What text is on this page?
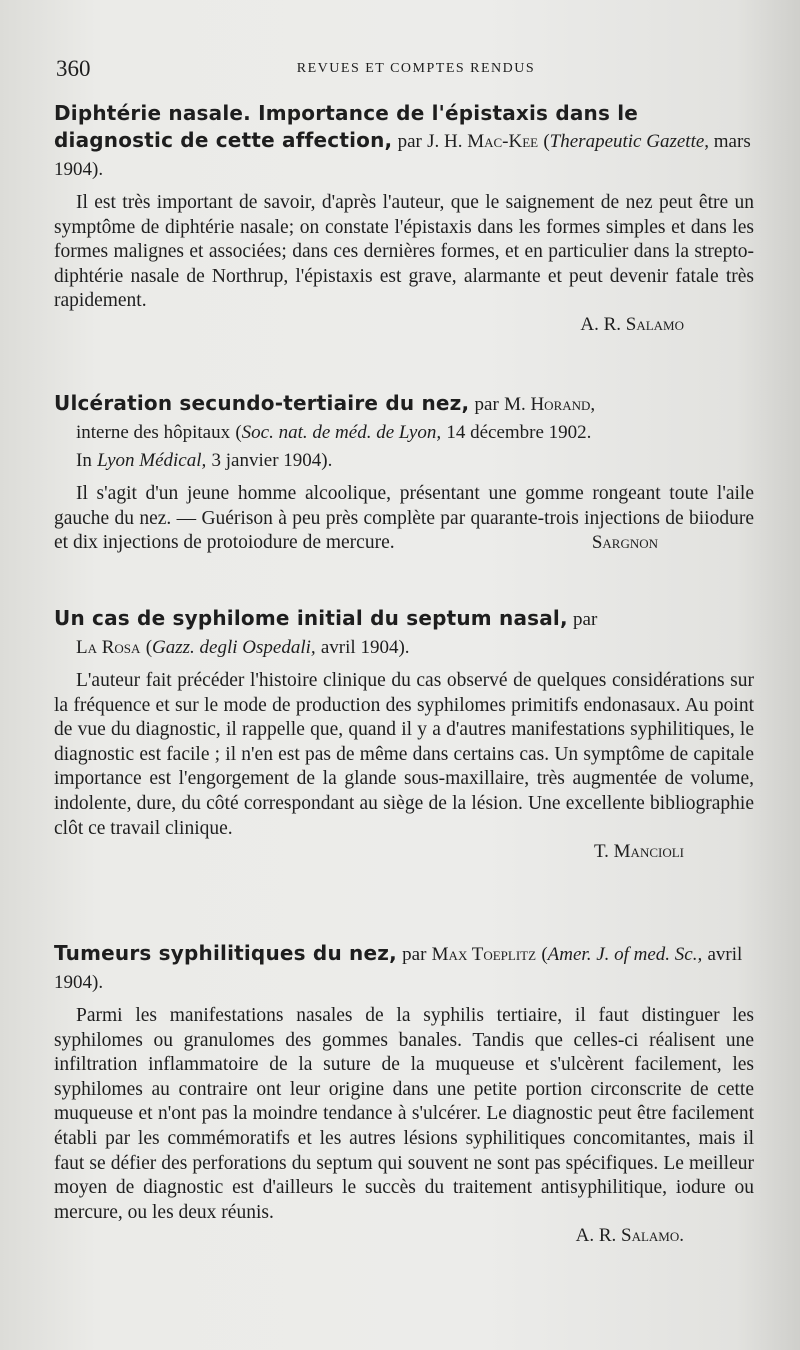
360	REVUES ET COMPTES RENDUS

Diphtérie nasale. Importance de l'épistaxis dans le diagnostic de cette affection, par J. H. Mac-Kee (Therapeutic Gazette, mars 1904).

Il est très important de savoir, d'après l'auteur, que le saignement de nez peut être un symptôme de diphtérie nasale; on constate l'épistaxis dans les formes simples et dans les formes malignes et associées; dans ces dernières formes, et en particulier dans la strepto-diphtérie nasale de Northrup, l'épistaxis est grave, alarmante et peut devenir fatale très rapidement.

A. R. Salamo

Ulcération secundo-tertiaire du nez, par M. Horand,

interne des hôpitaux (Soc. nat. de méd. de Lyon, 14 décembre 1902.

In Lyon Médical, 3 janvier 1904).

Il s'agit d'un jeune homme alcoolique, présentant une gomme rongeant toute l'aile gauche du nez. — Guérison à peu près complète par quarante-trois injections de biiodure et dix injections de protoiodure de mercure.	Sargnon

Un cas de syphilome initial du septum nasal, par

La Rosa (Gazz. degli Ospedali, avril 1904).

L'auteur fait précéder l'histoire clinique du cas observé de quelques considérations sur la fréquence et sur le mode de production des syphilomes primitifs endonasaux. Au point de vue du diagnostic, il rappelle que, quand il y a d'autres manifestations syphilitiques, le diagnostic est facile ; il n'en est pas de même dans certains cas. Un symptôme de capitale importance est l'engorgement de la glande sous-maxillaire, très augmentée de volume, indolente, dure, du côté correspondant au siège de la lésion. Une excellente bibliographie clôt ce travail clinique.

T. Mancioli

Tumeurs syphilitiques du nez, par Max Toeplitz (Amer. J. of med. Sc., avril 1904).

Parmi les manifestations nasales de la syphilis tertiaire, il faut distinguer les syphilomes ou granulomes des gommes banales. Tandis que celles-ci réalisent une infiltration inflammatoire de la suture de la muqueuse et s'ulcèrent facilement, les syphilomes au contraire ont leur origine dans une petite portion circonscrite de cette muqueuse et n'ont pas la moindre tendance à s'ulcérer. Le diagnostic peut être facilement établi par les commémoratifs et les autres lésions syphilitiques concomitantes, mais il faut se défier des perforations du septum qui souvent ne sont pas spécifiques. Le meilleur moyen de diagnostic est d'ailleurs le succès du traitement antisyphilitique, iodure ou mercure, ou les deux réunis.

A. R. Salamo.
